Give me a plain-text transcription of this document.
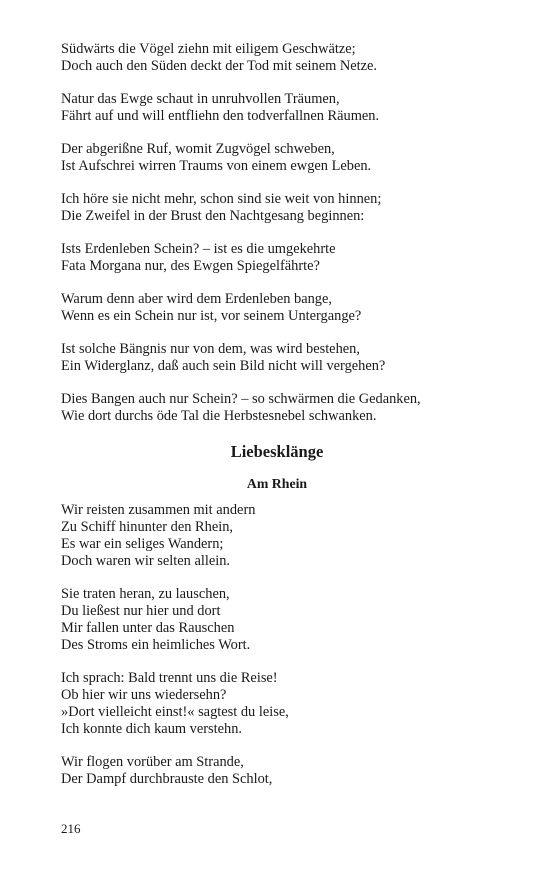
Südwärts die Vögel ziehn mit eiligem Geschwätze;
Doch auch den Süden deckt der Tod mit seinem Netze.
Natur das Ewge schaut in unruhvollen Träumen,
Fährt auf und will entfliehn den todverfallnen Räumen.
Der abgerißne Ruf, womit Zugvögel schweben,
Ist Aufschrei wirren Traums von einem ewgen Leben.
Ich höre sie nicht mehr, schon sind sie weit von hinnen;
Die Zweifel in der Brust den Nachtgesang beginnen:
Ists Erdenleben Schein? – ist es die umgekehrte
Fata Morgana nur, des Ewgen Spiegelfährte?
Warum denn aber wird dem Erdenleben bange,
Wenn es ein Schein nur ist, vor seinem Untergange?
Ist solche Bängnis nur von dem, was wird bestehen,
Ein Widerglanz, daß auch sein Bild nicht will vergehen?
Dies Bangen auch nur Schein? – so schwärmen die Gedanken,
Wie dort durchs öde Tal die Herbstesnebel schwanken.
Liebesklänge
Am Rhein
Wir reisten zusammen mit andern
Zu Schiff hinunter den Rhein,
Es war ein seliges Wandern;
Doch waren wir selten allein.
Sie traten heran, zu lauschen,
Du ließest nur hier und dort
Mir fallen unter das Rauschen
Des Stroms ein heimliches Wort.
Ich sprach: Bald trennt uns die Reise!
Ob hier wir uns wiedersehn?
»Dort vielleicht einst!« sagtest du leise,
Ich konnte dich kaum verstehn.
Wir flogen vorüber am Strande,
Der Dampf durchbrauste den Schlot,
216
